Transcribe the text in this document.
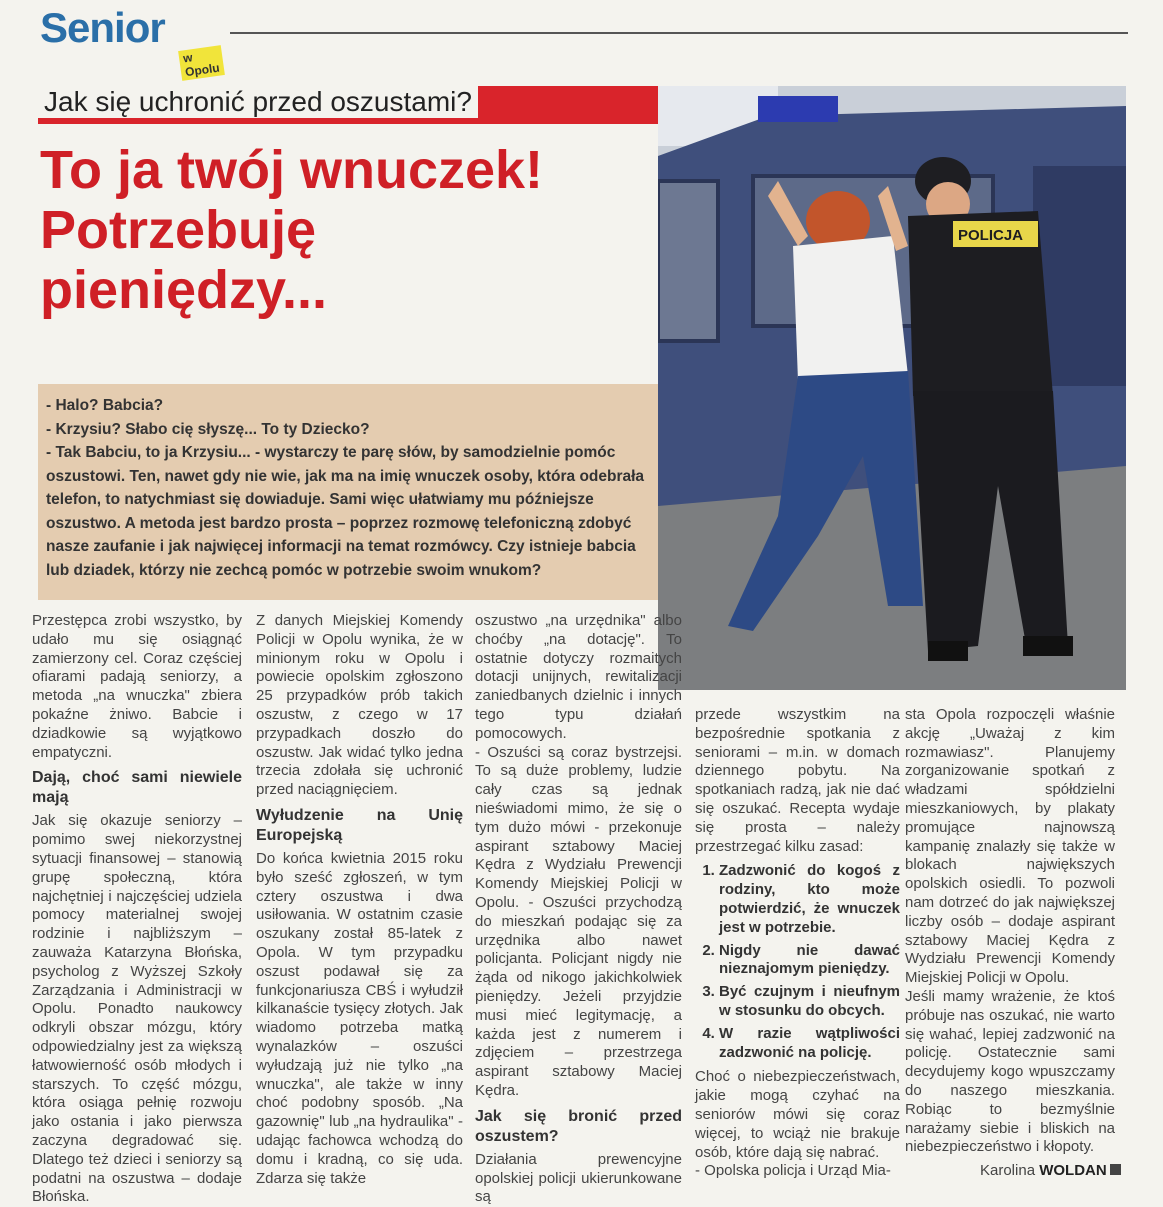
Senior
w Opolu
Jak się uchronić przed oszustami?
To ja twój wnuczek!
Potrzebuję
pieniędzy...

- Halo? Babcia?

- Krzysiu? Słabo cię słyszę... To ty Dziecko?

- Tak Babciu, to ja Krzysiu... - wystarczy te parę słów, by samodzielnie pomóc oszustowi. Ten, nawet gdy nie wie, jak ma na imię wnuczek osoby, która odebrała telefon, to natychmiast się dowiaduje. Sami więc ułatwiamy mu późniejsze oszustwo. A metoda jest bardzo prosta – poprzez rozmowę telefoniczną zdobyć nasze zaufanie i jak najwięcej informacji na temat rozmówcy. Czy istnieje babcia lub dziadek, którzy nie zechcą pomóc w potrzebie swoim wnukom?

POLICJA

Przestępca zrobi wszystko, by udało mu się osiągnąć zamierzony cel. Coraz częściej ofiarami padają seniorzy, a metoda „na wnuczka" zbiera pokaźne żniwo. Babcie i dziadkowie są wyjątkowo empatyczni.

Dają, choć sami niewiele mają

Jak się okazuje seniorzy – pomimo swej niekorzystnej sytuacji finansowej – stanowią grupę społeczną, która najchętniej i najczęściej udziela pomocy materialnej swojej rodzinie i najbliższym – zauważa Katarzyna Błońska, psycholog z Wyższej Szkoły Zarządzania i Administracji w Opolu. Ponadto naukowcy odkryli obszar mózgu, który odpowiedzialny jest za większą łatwowierność osób młodych i starszych. To część mózgu, która osiąga pełnię rozwoju jako ostania i jako pierwsza zaczyna degradować się. Dlatego też dzieci i seniorzy są podatni na oszustwa – dodaje Błońska.

Z danych Miejskiej Komendy Policji w Opolu wynika, że w minionym roku w Opolu i powiecie opolskim zgłoszono 25 przypadków prób takich oszustw, z czego w 17 przypadkach doszło do oszustw. Jak widać tylko jedna trzecia zdołała się uchronić przed naciągnięciem.

Wyłudzenie na Unię Europejską

Do końca kwietnia 2015 roku było sześć zgłoszeń, w tym cztery oszustwa i dwa usiłowania. W ostatnim czasie oszukany został 85-latek z Opola. W tym przypadku oszust podawał się za funkcjonariusza CBŚ i wyłudził kilkanaście tysięcy złotych. Jak wiadomo potrzeba matką wynalazków – oszuści wyłudzają już nie tylko „na wnuczka", ale także w inny choć podobny sposób. „Na gazownię" lub „na hydraulika" - udając fachowca wchodzą do domu i kradną, co się uda. Zdarza się także

oszustwo „na urzędnika" albo choćby „na dotację". To ostatnie dotyczy rozmaitych dotacji unijnych, rewitalizacji zaniedbanych dzielnic i innych tego typu działań pomocowych.

- Oszuści są coraz bystrzejsi. To są duże problemy, ludzie cały czas są jednak nieświadomi mimo, że się o tym dużo mówi - przekonuje aspirant sztabowy Maciej Kędra z Wydziału Prewencji Komendy Miejskiej Policji w Opolu. - Oszuści przychodzą do mieszkań podając się za urzędnika albo nawet policjanta. Policjant nigdy nie żąda od nikogo jakichkolwiek pieniędzy. Jeżeli przyjdzie musi mieć legitymację, a każda jest z numerem i zdjęciem – przestrzega aspirant sztabowy Maciej Kędra.

Jak się bronić przed oszustem?

Działania prewencyjne opolskiej policji ukierunkowane są

przede wszystkim na bezpośrednie spotkania z seniorami – m.in. w domach dziennego pobytu. Na spotkaniach radzą, jak nie dać się oszukać. Recepta wydaje się prosta – należy przestrzegać kilku zasad:

1. Zadzwonić do kogoś z rodziny, kto może potwierdzić, że wnuczek jest w potrzebie.
2. Nigdy nie dawać nieznajomym pieniędzy.
3. Być czujnym i nieufnym w stosunku do obcych.
4. W razie wątpliwości zadzwonić na policję.

Choć o niebezpieczeństwach, jakie mogą czyhać na seniorów mówi się coraz więcej, to wciąż nie brakuje osób, które dają się nabrać.

- Opolska policja i Urząd Mia-

sta Opola rozpoczęli właśnie akcję „Uważaj z kim rozmawiasz". Planujemy zorganizowanie spotkań z władzami spółdzielni mieszkaniowych, by plakaty promujące najnowszą kampanię znalazły się także w blokach największych opolskich osiedli. To pozwoli nam dotrzeć do jak największej liczby osób – dodaje aspirant sztabowy Maciej Kędra z Wydziału Prewencji Komendy Miejskiej Policji w Opolu.

Jeśli mamy wrażenie, że ktoś próbuje nas oszukać, nie warto się wahać, lepiej zadzwonić na policję. Ostatecznie sami decydujemy kogo wpuszczamy do naszego mieszkania. Robiąc to bezmyślnie narażamy siebie i bliskich na niebezpieczeństwo i kłopoty.

Karolina WOLDAN
